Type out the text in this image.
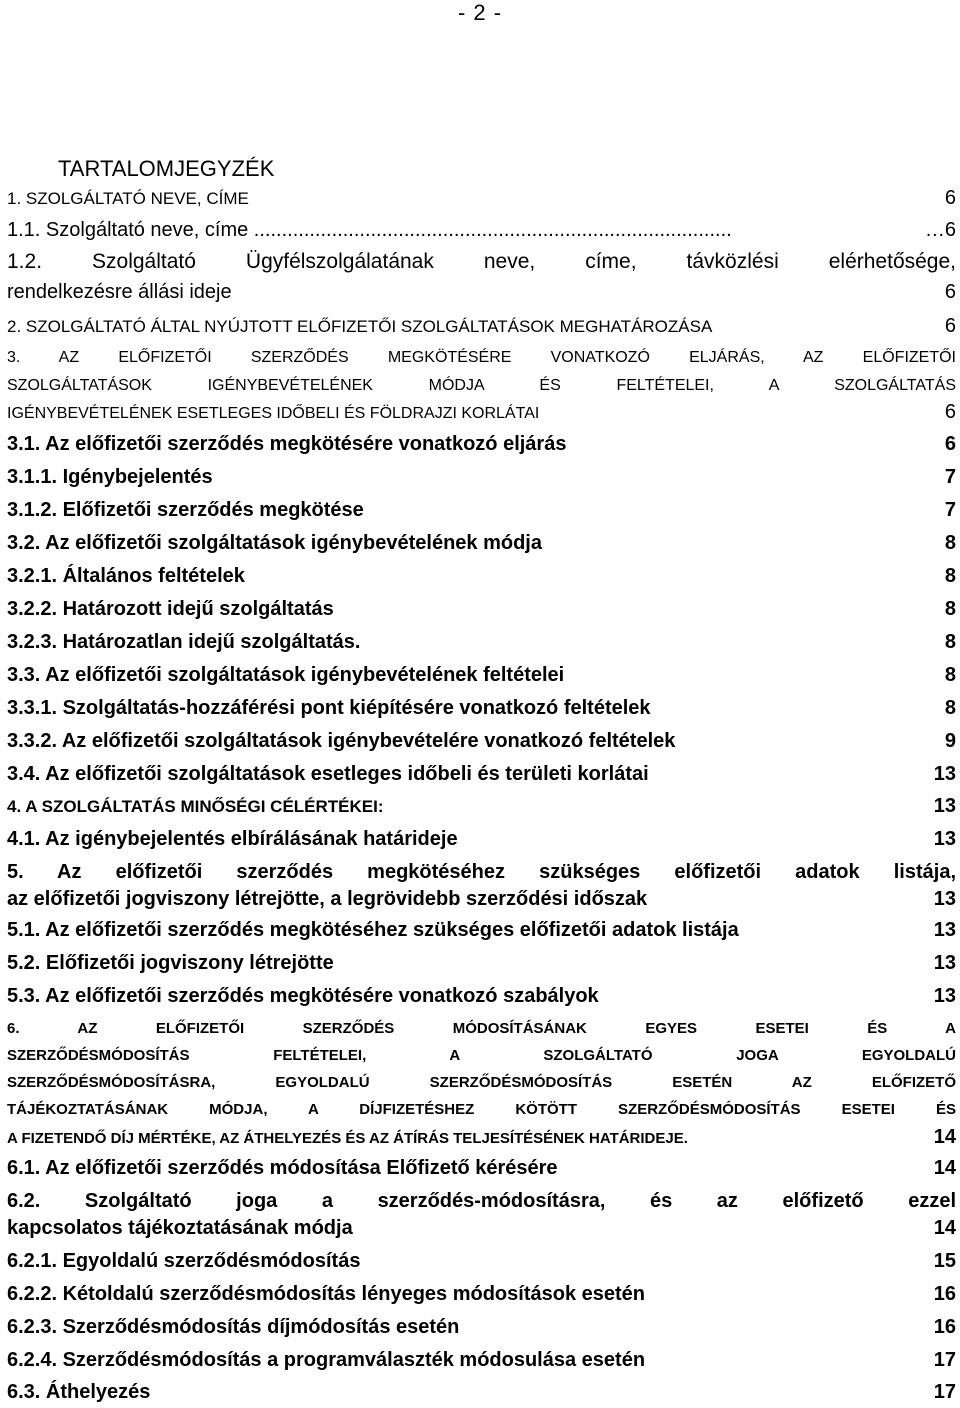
- 2 -
TARTALOMJEGYZÉK
1. SZOLGÁLTATÓ NEVE, CÍME	6
1.1. Szolgáltató neve, címe ......................................................................................	…6
1.2. Szolgáltató Ügyfélszolgálatának neve, címe, távközlési elérhetősége,
rendelkezésre állási ideje	6
2. SZOLGÁLTATÓ ÁLTAL NYÚJTOTT ELŐFIZETŐI SZOLGÁLTATÁSOK MEGHATÁROZÁSA	6
3. AZ ELŐFIZETŐI SZERZŐDÉS MEGKÖTÉSÉRE VONATKOZÓ ELJÁRÁS, AZ ELŐFIZETŐI
SZOLGÁLTATÁSOK IGÉNYBEVÉTELÉNEK MÓDJA ÉS FELTÉTELEI, A SZOLGÁLTATÁS
IGÉNYBEVÉTELÉNEK ESETLEGES IDŐBELI ÉS FÖLDRAJZI KORLÁTAI	6
3.1. Az előfizetői szerződés megkötésére vonatkozó eljárás	6
3.1.1. Igénybejelentés	7
3.1.2. Előfizetői szerződés megkötése	7
3.2. Az előfizetői szolgáltatások igénybevételének módja	8
3.2.1. Általános feltételek	8
3.2.2. Határozott idejű szolgáltatás	8
3.2.3. Határozatlan idejű szolgáltatás.	8
3.3. Az előfizetői szolgáltatások igénybevételének feltételei	8
3.3.1. Szolgáltatás-hozzáférési pont kiépítésére vonatkozó feltételek	8
3.3.2. Az előfizetői szolgáltatások igénybevételére vonatkozó feltételek	9
3.4. Az előfizetői szolgáltatások esetleges időbeli és területi korlátai	13
4. A SZOLGÁLTATÁS MINŐSÉGI CÉLÉRTÉKEI:	13
4.1. Az igénybejelentés elbírálásának határideje	13
5. Az előfizetői szerződés megkötéséhez szükséges előfizetői adatok listája,
az előfizetői jogviszony létrejötte, a legrövidebb szerződési időszak	13
5.1. Az előfizetői szerződés megkötéséhez szükséges előfizetői adatok listája	13
5.2. Előfizetői jogviszony létrejötte	13
5.3. Az előfizetői szerződés megkötésére vonatkozó szabályok	13
6. AZ ELŐFIZETŐI SZERZŐDÉS MÓDOSÍTÁSÁNAK EGYES ESETEI ÉS A
SZERZŐDÉSMÓDOSÍTÁS FELTÉTELEI, A SZOLGÁLTATÓ JOGA EGYOLDALÚ
SZERZŐDÉSMÓDOSÍTÁSRA, EGYOLDALÚ SZERZŐDÉSMÓDOSÍTÁS ESETÉN AZ ELŐFIZETŐ
TÁJÉKOZTATÁSÁNAK MÓDJA, A DÍJFIZETÉSHEZ KÖTÖTT SZERZŐDÉSMÓDOSÍTÁS ESETEI ÉS
A FIZETENDŐ DÍJ MÉRTÉKE, AZ ÁTHELYEZÉS ÉS AZ ÁTÍRÁS TELJESÍTÉSÉNEK HATÁRIDEJE.	14
6.1. Az előfizetői szerződés módosítása Előfizető kérésére	14
6.2. Szolgáltató joga a szerződés-módosításra, és az előfizető ezzel
kapcsolatos tájékoztatásának módja	14
6.2.1. Egyoldalú szerződésmódosítás	15
6.2.2. Kétoldalú szerződésmódosítás lényeges módosítások esetén	16
6.2.3. Szerződésmódosítás díjmódosítás esetén	16
6.2.4. Szerződésmódosítás a programválaszték módosulása esetén	17
6.3. Áthelyezés	17
